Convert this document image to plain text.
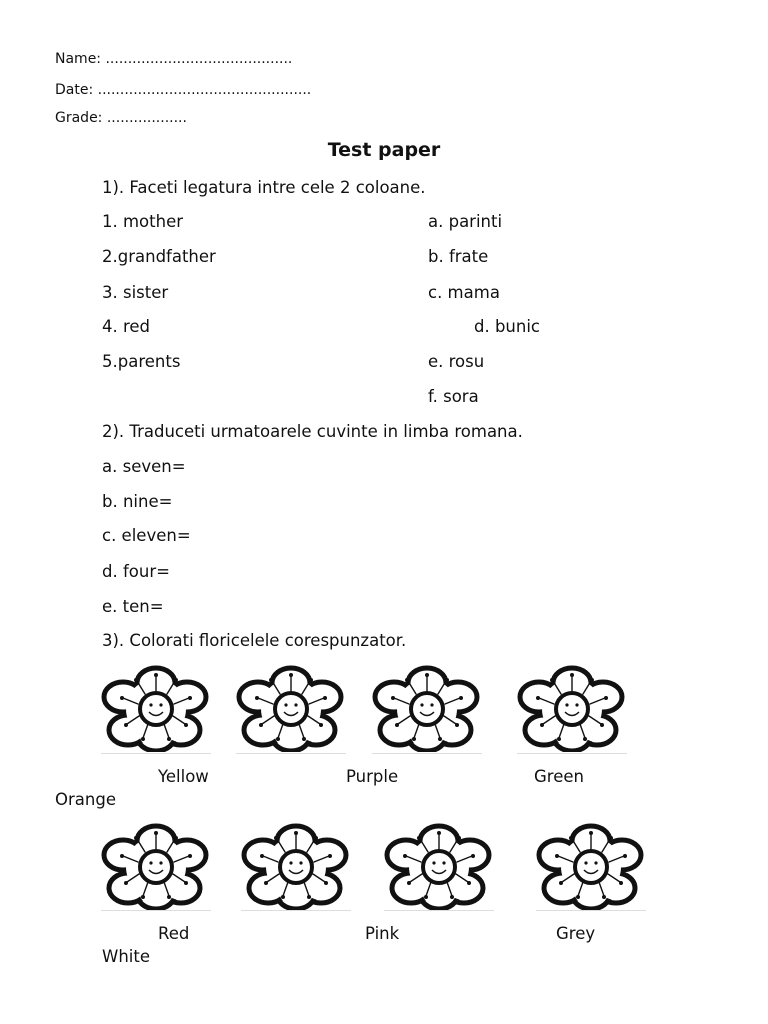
Name: ..........................................
Date: ................................................
Grade: ..................
Test paper
1). Faceti legatura intre cele 2 coloane.
1. mother
2.grandfather
3. sister
4. red
5.parents
a. parinti
b. frate
c. mama
d. bunic
e. rosu
f. sora
2). Traduceti urmatoarele cuvinte in limba romana.
a. seven=
b. nine=
c. eleven=
d. four=
e. ten=
3). Colorati floricelele corespunzator.
Yellow	Purple	Green
Orange
Red	Pink	Grey
White
